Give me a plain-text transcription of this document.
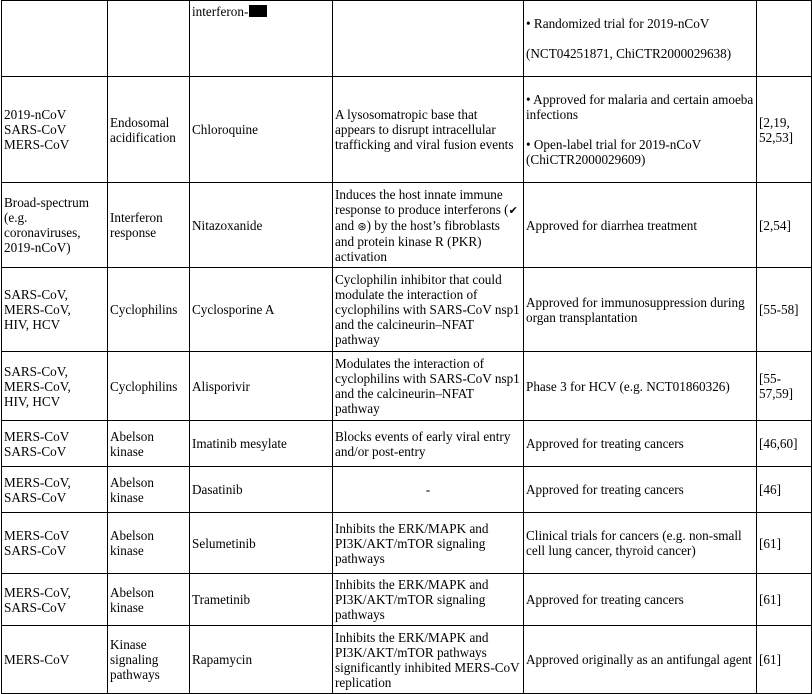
		interferon-		• Randomized trial for 2019-nCoV

(NCT04251871, ChiCTR2000029638)	

2019-nCoV
SARS-CoV
MERS-CoV	Endosomal
acidification	Chloroquine	A lysosomatropic base that appears to disrupt intracellular trafficking and viral fusion events	• Approved for malaria and certain amoeba infections

• Open-label trial for 2019-nCoV (ChiCTR2000029609)	[2,19,
52,53]
Broad-spectrum
(e.g.
coronaviruses,
2019-nCoV)	Interferon
response	Nitazoxanide	Induces the host innate immune response to produce interferons (✔ and ⊛) by the host’s fibroblasts and protein kinase R (PKR) activation	Approved for diarrhea treatment	[2,54]
SARS-CoV,
MERS-CoV,
HIV, HCV	Cyclophilins	Cyclosporine A	Cyclophilin inhibitor that could modulate the interaction of cyclophilins with SARS-CoV nsp1 and the calcineurin–NFAT pathway	Approved for immunosuppression during organ transplantation	[55-58]
SARS-CoV,
MERS-CoV,
HIV, HCV	Cyclophilins	Alisporivir	Modulates the interaction of cyclophilins with SARS-CoV nsp1 and the calcineurin–NFAT pathway	Phase 3 for HCV (e.g. NCT01860326)	[55-
57,59]
MERS-CoV
SARS-CoV	Abelson
kinase	Imatinib mesylate	Blocks events of early viral entry and/or post-entry	Approved for treating cancers	[46,60]
MERS-CoV,
SARS-CoV	Abelson
kinase	Dasatinib	-	Approved for treating cancers	[46]
MERS-CoV
SARS-CoV	Abelson
kinase	Selumetinib	Inhibits the ERK/MAPK and PI3K/AKT/mTOR signaling pathways	Clinical trials for cancers (e.g. non-small cell lung cancer, thyroid cancer)	[61]
MERS-CoV,
SARS-CoV	Abelson
kinase	Trametinib	Inhibits the ERK/MAPK and PI3K/AKT/mTOR signaling pathways	Approved for treating cancers	[61]
MERS-CoV	Kinase
signaling
pathways	Rapamycin	Inhibits the ERK/MAPK and PI3K/AKT/mTOR pathways significantly inhibited MERS-CoV replication	Approved originally as an antifungal agent	[61]
